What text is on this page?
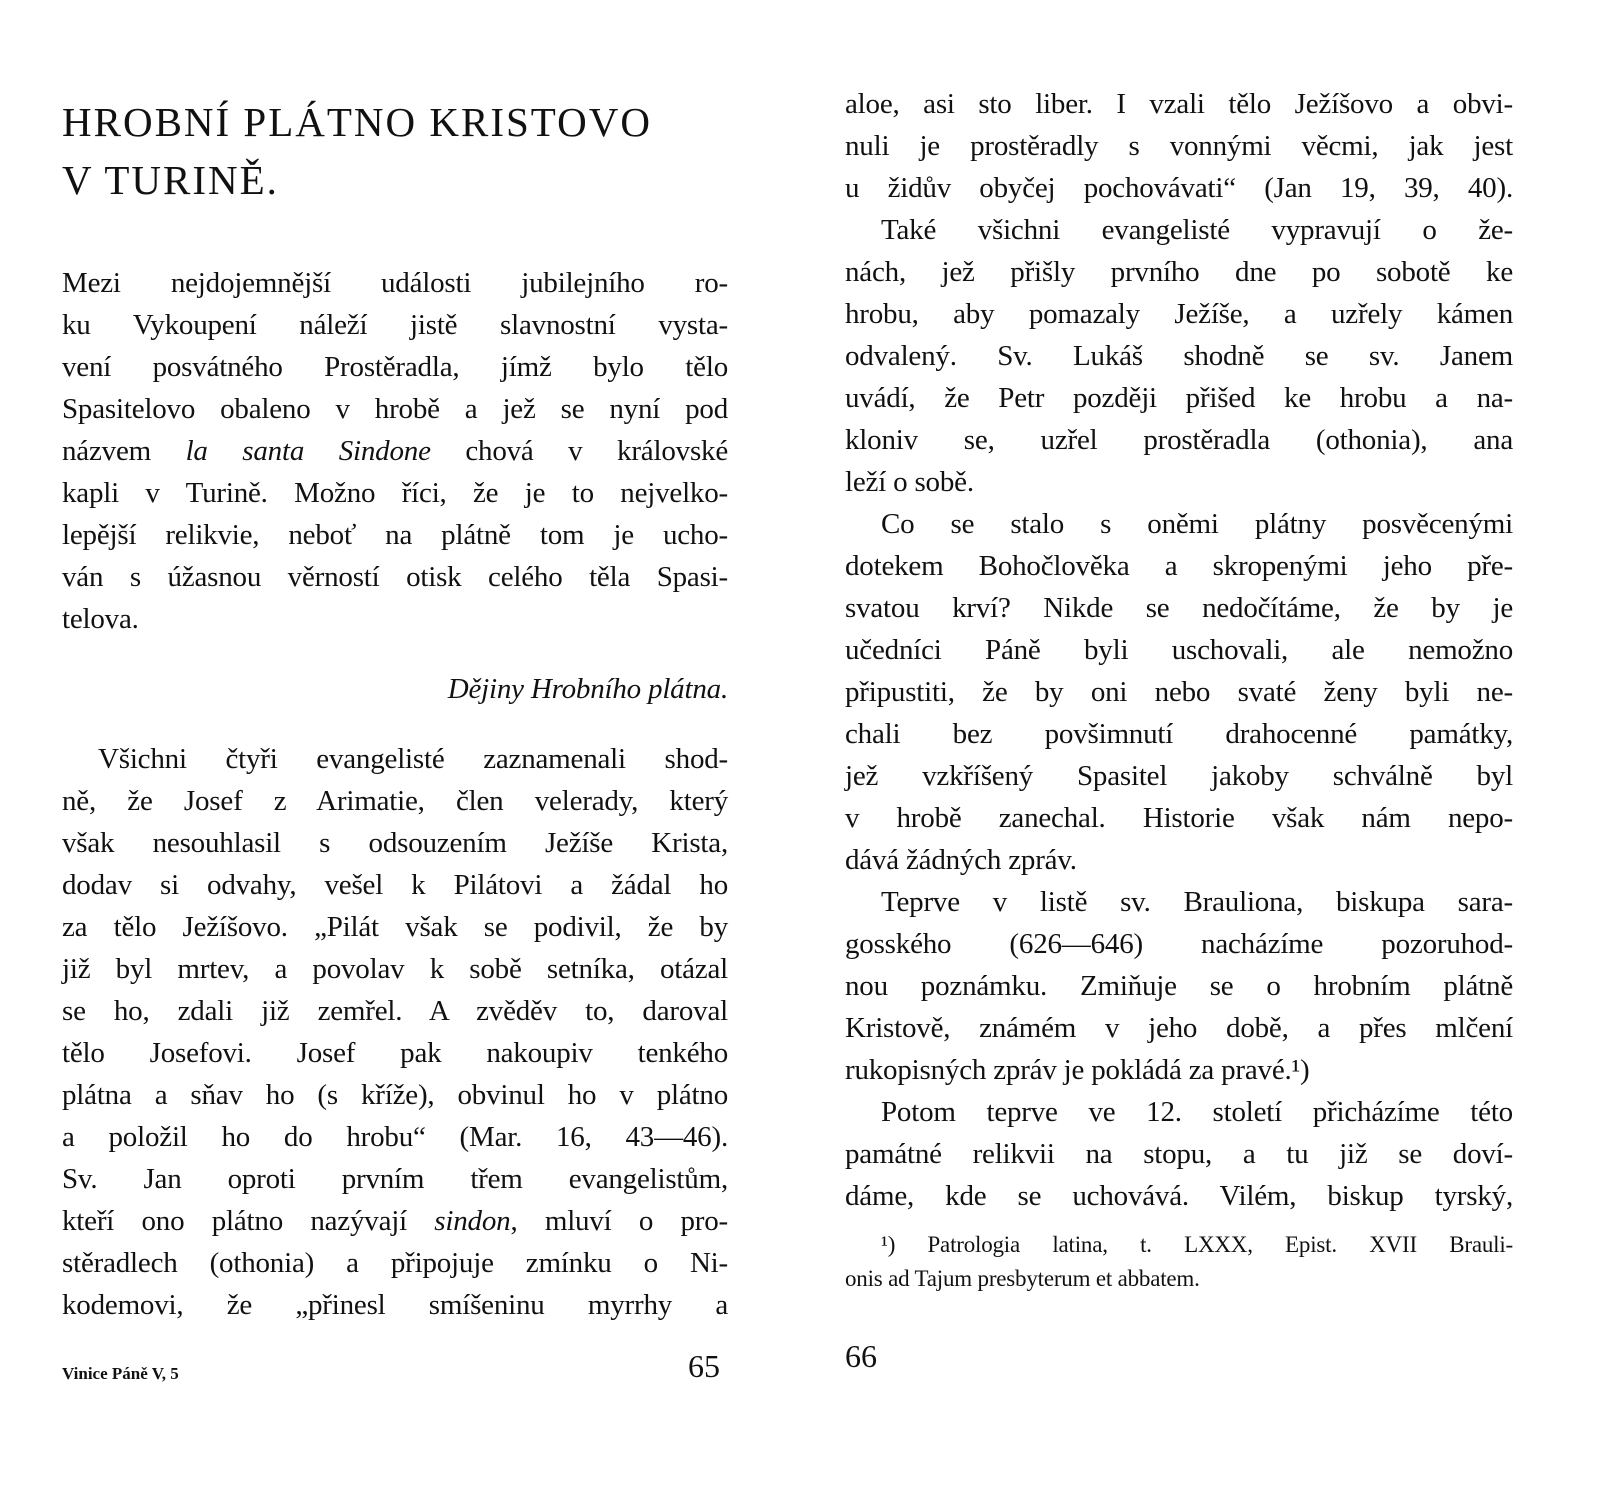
HROBNÍ PLÁTNO KRISTOVO
V TURINĚ.
Mezi nejdojemnější události jubilejního ro-
ku Vykoupení náleží jistě slavnostní vysta-
vení posvátného Prostěradla, jímž bylo tělo
Spasitelovo obaleno v hrobě a jež se nyní pod
názvem la santa Sindone chová v královské
kapli v Turině. Možno říci, že je to nejvelko-
lepější relikvie, neboť na plátně tom je ucho-
ván s úžasnou věrností otisk celého těla Spasi-
telova.
Dějiny Hrobního plátna.
Všichni čtyři evangelisté zaznamenali shod-
ně, že Josef z Arimatie, člen velerady, který
však nesouhlasil s odsouzením Ježíše Krista,
dodav si odvahy, vešel k Pilátovi a žádal ho
za tělo Ježíšovo. „Pilát však se podivil, že by
již byl mrtev, a povolav k sobě setníka, otázal
se ho, zdali již zemřel. A zvěděv to, daroval
tělo Josefovi. Josef pak nakoupiv tenkého
plátna a sňav ho (s kříže), obvinul ho v plátno
a položil ho do hrobu“ (Mar. 16, 43—46).
Sv. Jan oproti prvním třem evangelistům,
kteří ono plátno nazývají sindon, mluví o pro-
stěradlech (othonia) a připojuje zmínku o Ni-
kodemovi, že „přinesl smíšeninu myrrhy a
aloe, asi sto liber. I vzali tělo Ježíšovo a obvi-
nuli je prostěradly s vonnými věcmi, jak jest
u židův obyčej pochovávati“ (Jan 19, 39, 40).
Také všichni evangelisté vypravují o že-
nách, jež přišly prvního dne po sobotě ke
hrobu, aby pomazaly Ježíše, a uzřely kámen
odvalený. Sv. Lukáš shodně se sv. Janem
uvádí, že Petr později přišed ke hrobu a na-
kloniv se, uzřel prostěradla (othonia), ana
leží o sobě.
Co se stalo s oněmi plátny posvěcenými
dotekem Bohočlověka a skropenými jeho pře-
svatou krví? Nikde se nedočítáme, že by je
učedníci Páně byli uschovali, ale nemožno
připustiti, že by oni nebo svaté ženy byli ne-
chali bez povšimnutí drahocenné památky,
jež vzkříšený Spasitel jakoby schválně byl
v hrobě zanechal. Historie však nám nepo-
dává žádných zpráv.
Teprve v listě sv. Brauliona, biskupa sara-
gosského (626—646) nacházíme pozoruhod-
nou poznámku. Zmiňuje se o hrobním plátně
Kristově, známém v jeho době, a přes mlčení
rukopisných zpráv je pokládá za pravé.¹)
Potom teprve ve 12. století přicházíme této
památné relikvii na stopu, a tu již se doví-
dáme, kde se uchovává. Vilém, biskup tyrský,
¹) Patrologia latina, t. LXXX, Epist. XVII Brauli-
onis ad Tajum presbyterum et abbatem.
Vinice Páně V, 5	65	66
